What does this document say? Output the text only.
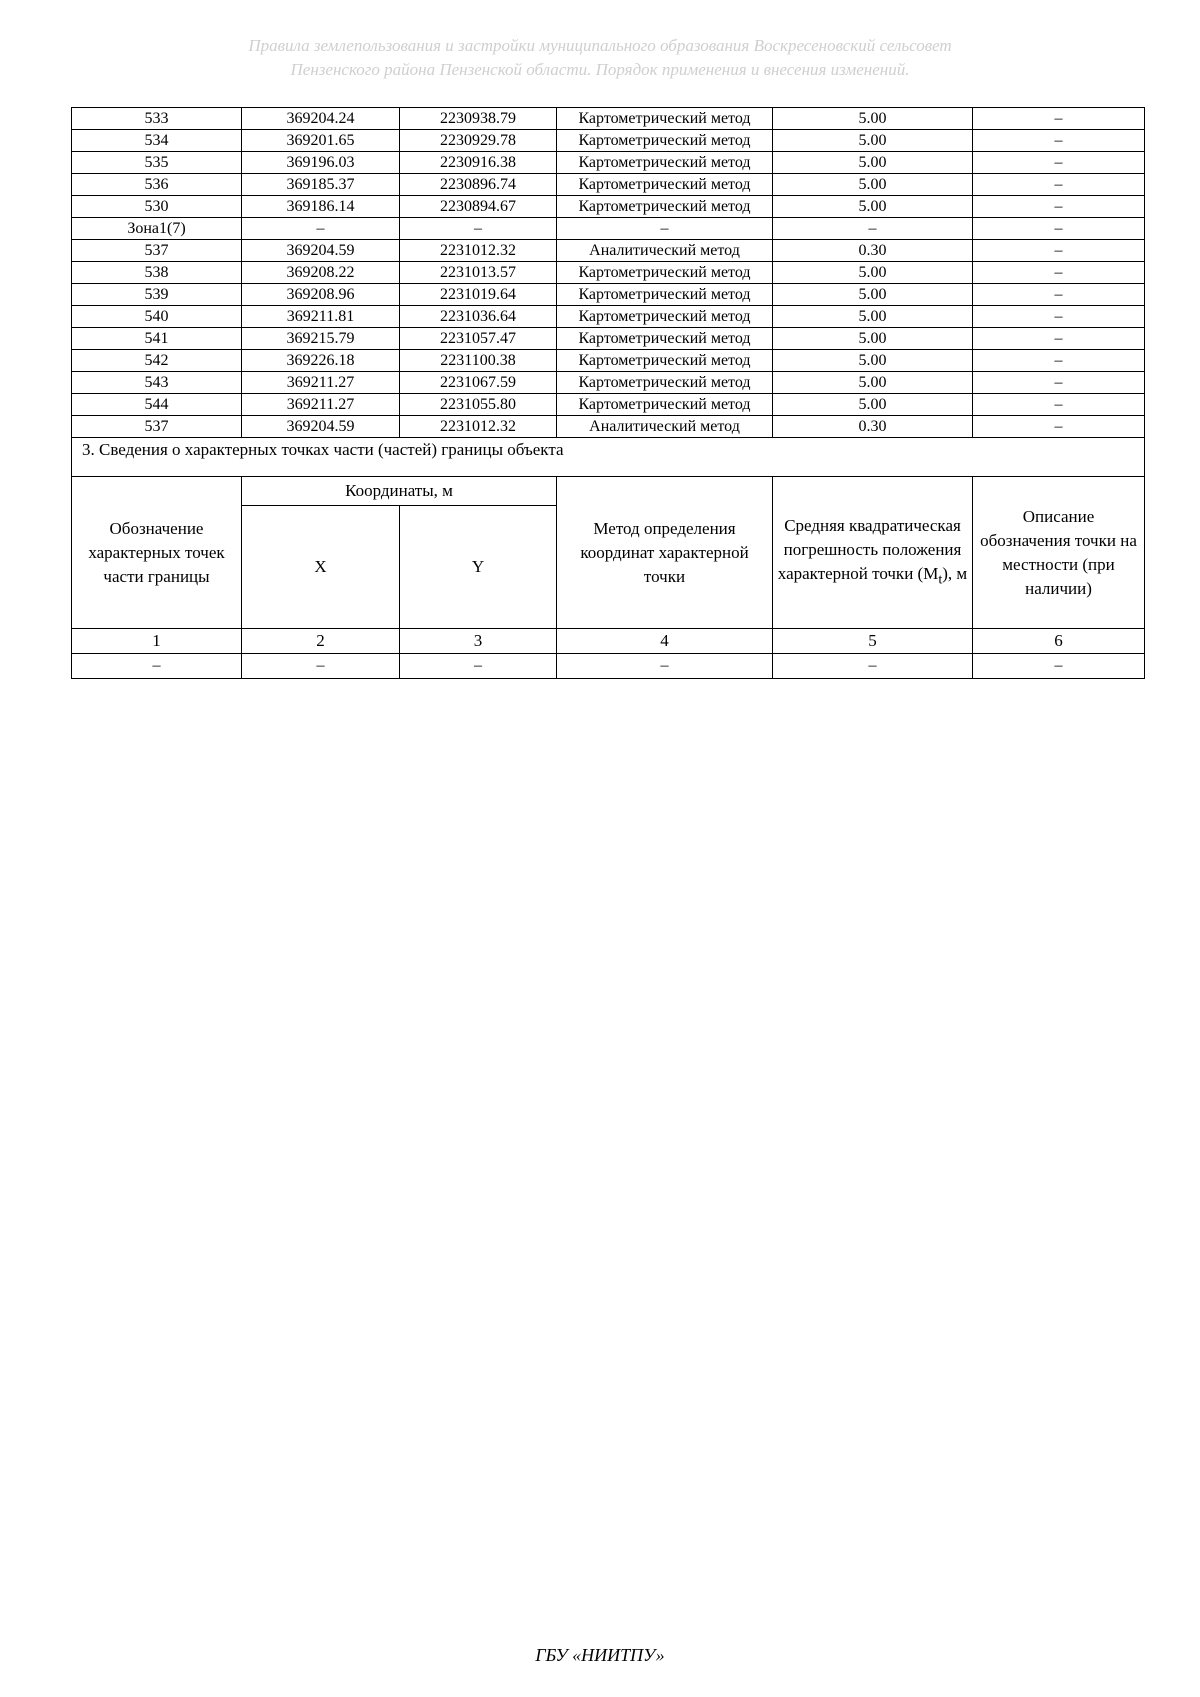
Правила землепользования и застройки муниципального образования Воскресеновский сельсовет
Пензенского района Пензенской области. Порядок применения и внесения изменений.
533	369204.24	2230938.79	Картометрический метод	5.00	–
534	369201.65	2230929.78	Картометрический метод	5.00	–
535	369196.03	2230916.38	Картометрический метод	5.00	–
536	369185.37	2230896.74	Картометрический метод	5.00	–
530	369186.14	2230894.67	Картометрический метод	5.00	–
Зона1(7)	–	–	–	–	–
537	369204.59	2231012.32	Аналитический метод	0.30	–
538	369208.22	2231013.57	Картометрический метод	5.00	–
539	369208.96	2231019.64	Картометрический метод	5.00	–
540	369211.81	2231036.64	Картометрический метод	5.00	–
541	369215.79	2231057.47	Картометрический метод	5.00	–
542	369226.18	2231100.38	Картометрический метод	5.00	–
543	369211.27	2231067.59	Картометрический метод	5.00	–
544	369211.27	2231055.80	Картометрический метод	5.00	–
537	369204.59	2231012.32	Аналитический метод	0.30	–
3. Сведения о характерных точках части (частей) границы объекта					
Обозначение характерных точек части границы	Координаты, м		Метод определения координат характерной точки	Средняя квадратическая погрешность положения характерной точки $(M_t)$, м	Описание обозначения точки на местности (при наличии)
	X	Y			
1	2	3	4	5	6
–	–	–	–	–	–
ГБУ «НИИТПУ»
